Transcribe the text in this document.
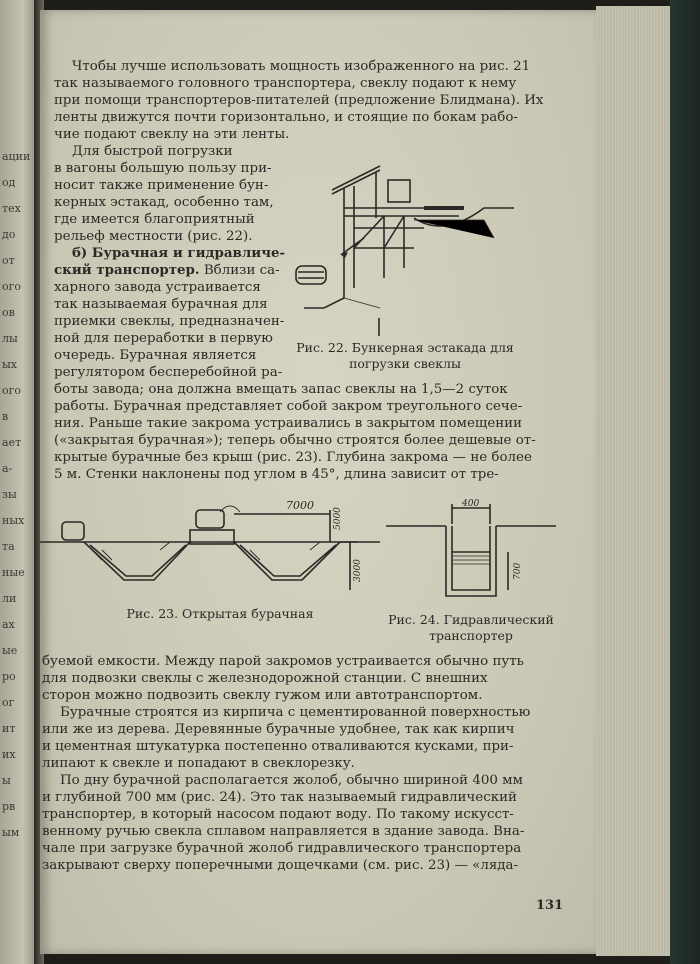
ации
од
тех
до
от
ого
ов
лы
ых
ого
в
ает
а-
зы
ных
та
ные
ли
ах
ые
ро
ог
ит
их
ы
рв
ым
Чтобы лучше использовать мощность изображенного на рис. 21
так называемого головного транспортера, свеклу подают к нему
при помощи транспортеров-питателей (предложение Блидмана). Их
ленты движутся почти горизонтально, и стоящие по бокам рабо-
чие подают свеклу на эти ленты.
Для быстрой погрузки
в вагоны большую пользу при-
носит также применение бун-
керных эстакад, особенно там,
где имеется благоприятный
рельеф местности (рис. 22).
б) Бурачная и гидравличе-
ский транспортер. Вблизи са-
харного завода устраивается
так называемая бурачная для
приемки свеклы, предназначен-
ной для переработки в первую
очередь. Бурачная является
регулятором бесперебойной ра-
Рис. 22. Бункерная эстакада для
погрузки свеклы
боты завода; она должна вмещать запас свеклы на 1,5—2 суток
работы. Бурачная представляет собой закром треугольного сече-
ния. Раньше такие закрома устраивались в закрытом помещении
(«закрытая бурачная»); теперь обычно строятся более дешевые от-
крытые бурачные без крыш (рис. 23). Глубина закрома — не более
5 м. Стенки наклонены под углом в 45°, длина зависит от тре-
7000
5000
3000
Рис. 23. Открытая бурачная
400
700
Рис. 24. Гидравлический
транспортер
буемой емкости. Между парой закромов устраивается обычно путь
для подвозки свеклы с железнодорожной станции. С внешних
сторон можно подвозить свеклу гужом или автотранспортом.
Бурачные строятся из кирпича с цементированной поверхностью
или же из дерева. Деревянные бурачные удобнее, так как кирпич
и цементная штукатурка постепенно отваливаются кусками, при-
липают к свекле и попадают в свеклорезку.
По дну бурачной располагается жолоб, обычно шириной 400 мм
и глубиной 700 мм (рис. 24). Это так называемый гидравлический
транспортер, в который насосом подают воду. По такому искусст-
венному ручью свекла сплавом направляется в здание завода. Вна-
чале при загрузке бурачной жолоб гидравлического транспортера
закрывают сверху поперечными дощечками (см. рис. 23) — «ляда-
131
